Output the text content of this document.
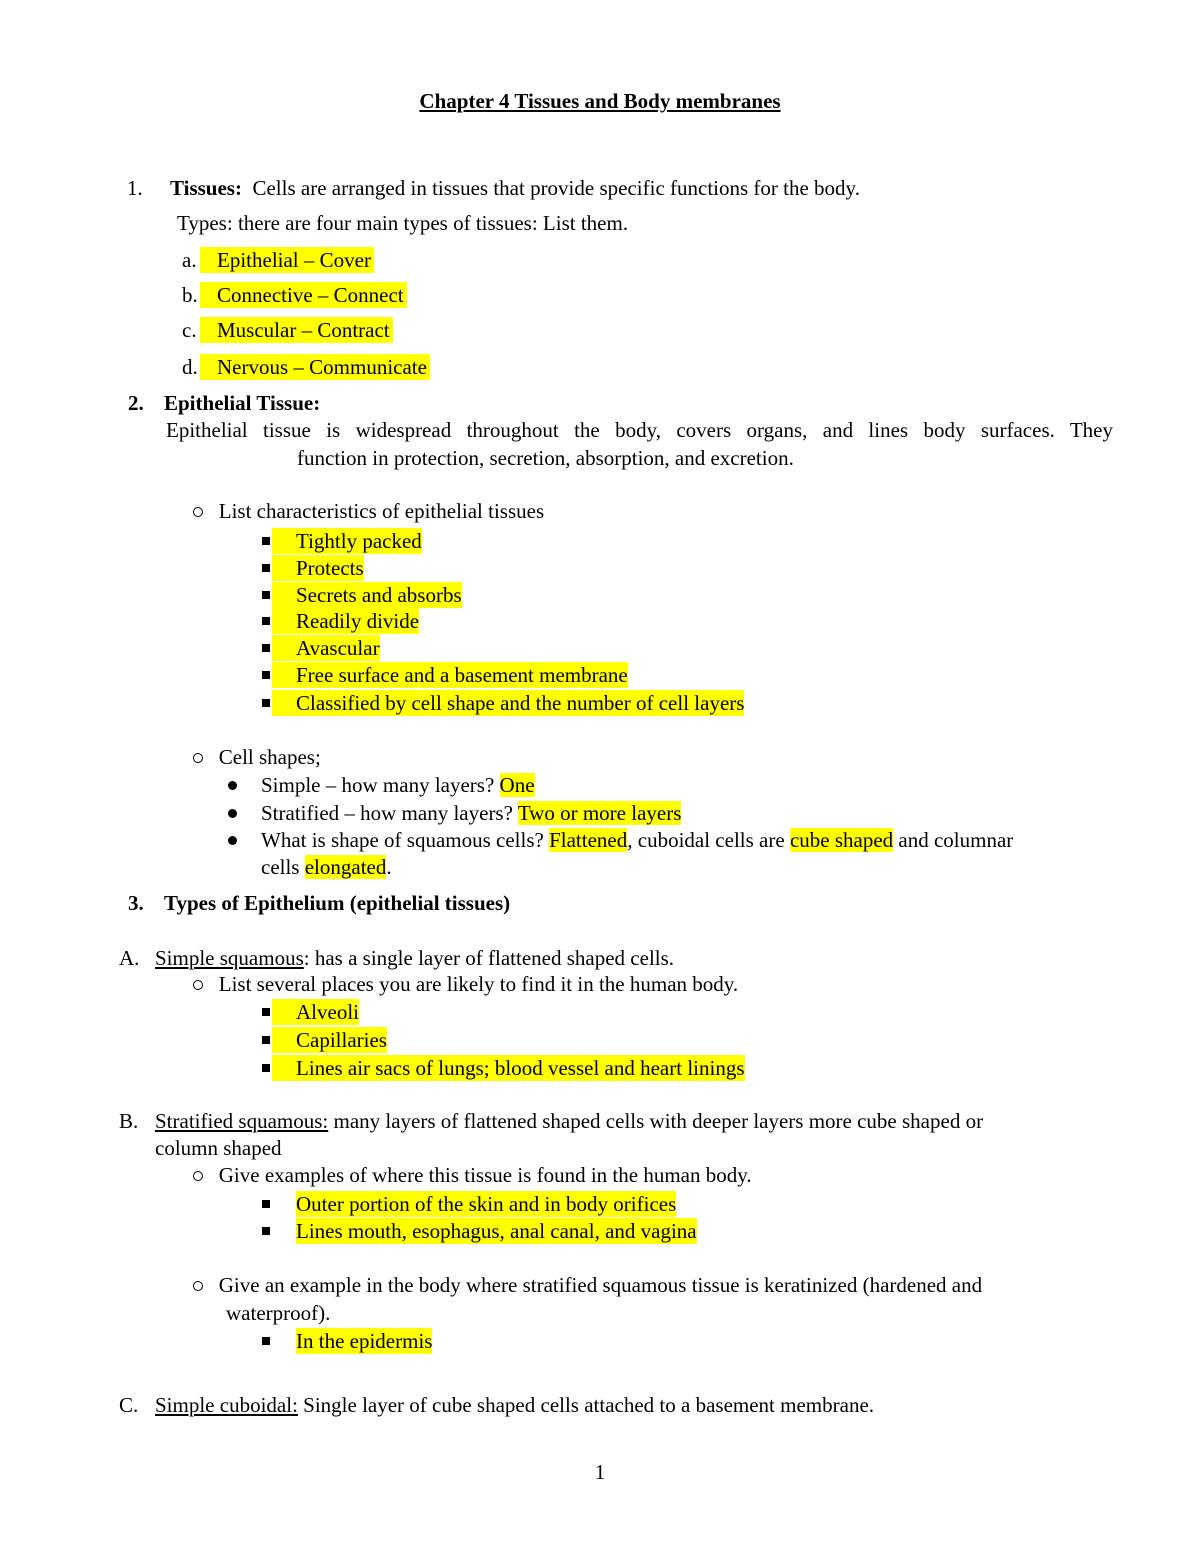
Chapter 4 Tissues and Body membranes
1. Tissues: Cells are arranged in tissues that provide specific functions for the body.
Types: there are four main types of tissues: List them.
a. Epithelial – Cover
b. Connective – Connect
c. Muscular – Contract
d. Nervous – Communicate
2. Epithelial Tissue:
Epithelial tissue is widespread throughout the body, covers organs, and lines body surfaces. They
function in protection, secretion, absorption, and excretion.
List characteristics of epithelial tissues
Tightly packed
Protects
Secrets and absorbs
Readily divide
Avascular
Free surface and a basement membrane
Classified by cell shape and the number of cell layers
Cell shapes;
Simple – how many layers? One
Stratified – how many layers? Two or more layers
What is shape of squamous cells? Flattened, cuboidal cells are cube shaped and columnar
cells elongated.
3. Types of Epithelium (epithelial tissues)
A. Simple squamous: has a single layer of flattened shaped cells.
List several places you are likely to find it in the human body.
Alveoli
Capillaries
Lines air sacs of lungs; blood vessel and heart linings
B. Stratified squamous: many layers of flattened shaped cells with deeper layers more cube shaped or
column shaped
Give examples of where this tissue is found in the human body.
Outer portion of the skin and in body orifices
Lines mouth, esophagus, anal canal, and vagina
Give an example in the body where stratified squamous tissue is keratinized (hardened and
waterproof).
In the epidermis
C. Simple cuboidal: Single layer of cube shaped cells attached to a basement membrane.
1
